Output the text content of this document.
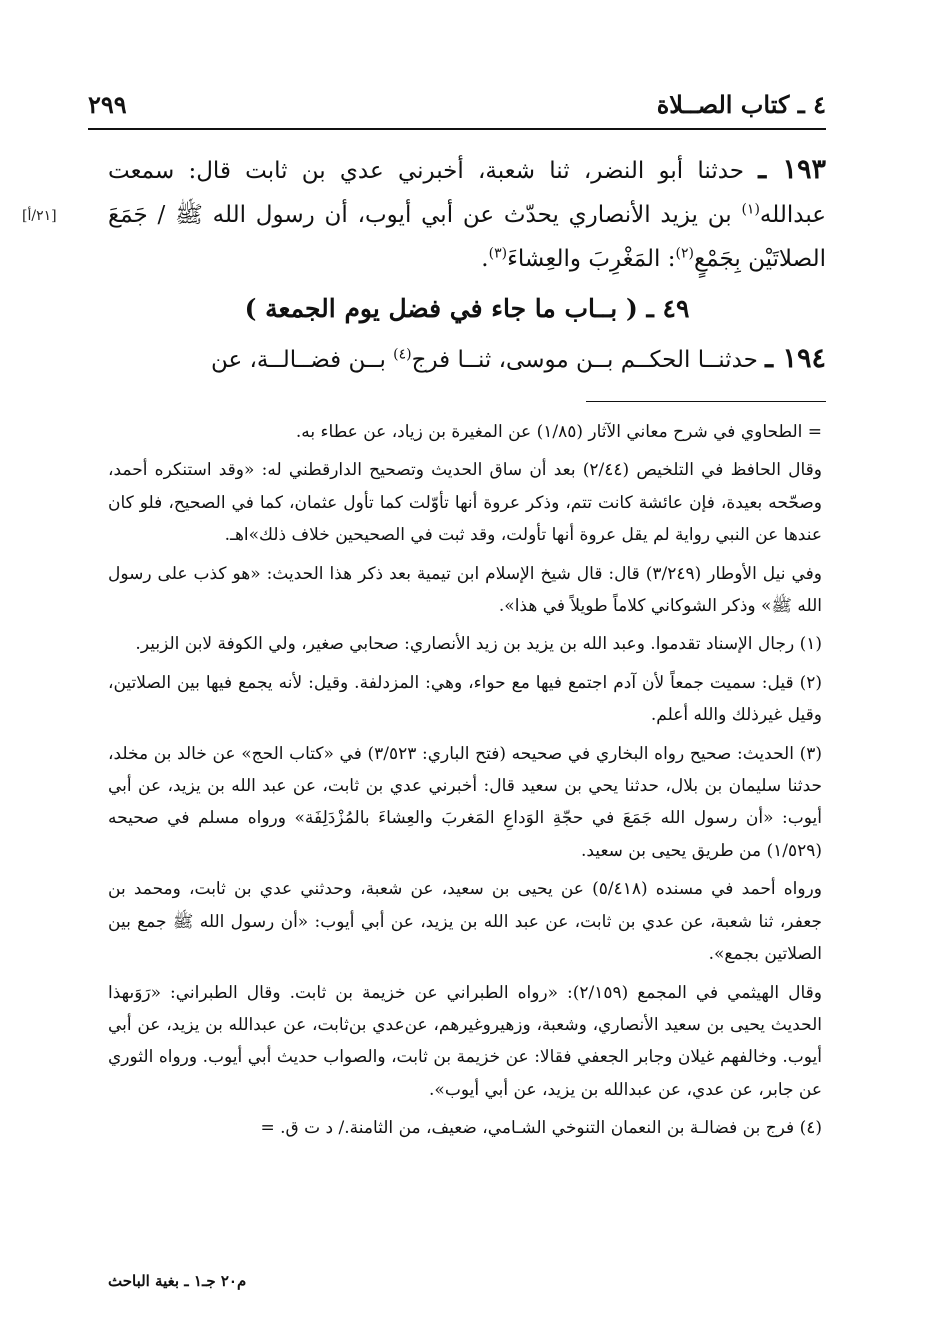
٤ ـ كتاب الصــلاة
٢٩٩
[٢١/أ]

١٩٣ ـ حدثنا أبو النضر، ثنا شعبة، أخبرني عدي بن ثابت قال: سمعت عبدالله$^{(١)}$ بن يزيد الأنصاري يحدّث عن أبي أيوب، أن رسول الله ﷺ / جَمَعَ الصلاتَيْن بِجَمْعٍ$^{(٢)}$: المَغْرِبَ والعِشاءَ$^{(٣)}$.

٤٩ ـ ( بــاب ما جاء في فضل يوم الجمعة )

١٩٤ ـ حدثنــا الحكــم بــن موسى، ثنــا فرج$^{(٤)}$ بــن فضــالــة، عن

= الطحاوي في شرح معاني الآثار (١/٨٥) عن المغيرة بن زياد، عن عطاء به.

وقال الحافظ في التلخيص (٢/٤٤) بعد أن ساق الحديث وتصحيح الدارقطني له: «وقد استنكره أحمد، وصحّحه بعيدة، فإن عائشة كانت تتم، وذكر عروة أنها تأوّلت كما تأول عثمان، كما في الصحيح، فلو كان عندها عن النبي رواية لم يقل عروة أنها تأولت، وقد ثبت في الصحيحين خلاف ذلك»اهـ.

وفي نيل الأوطار (٣/٢٤٩) قال: قال شيخ الإسلام ابن تيمية بعد ذكر هذا الحديث: «هو كذب على رسول الله ﷺ» وذكر الشوكاني كلاماً طويلاً في هذا».

(١) رجال الإسناد تقدموا. وعبد الله بن يزيد بن زيد الأنصاري: صحابي صغير، ولي الكوفة لابن الزبير.

(٢) قيل: سميت جمعاً لأن آدم اجتمع فيها مع حواء، وهي: المزدلفة. وقيل: لأنه يجمع فيها بين الصلاتين، وقيل غيرذلك والله أعلم.

(٣) الحديث: صحيح رواه البخاري في صحيحه (فتح الباري: ٣/٥٢٣) في «كتاب الحج» عن خالد بن مخلد، حدثنا سليمان بن بلال، حدثنا يحي بن سعيد قال: أخبرني عدي بن ثابت، عن عبد الله بن يزيد، عن أبي أيوب: «أن رسول الله جَمَعَ في حجّةِ الوَداعِ المَغربَ والعِشاءَ بالمُزْدَلِفَة» ورواه مسلم في صحيحه (١/٥٢٩) من طريق يحيى بن سعيد.

ورواه أحمد في مسنده (٥/٤١٨) عن يحيى بن سعيد، عن شعبة، وحدثني عدي بن ثابت، ومحمد بن جعفر، ثنا شعبة، عن عدي بن ثابت، عن عبد الله بن يزيد، عن أبي أيوب: «أن رسول الله ﷺ جمع بين الصلاتين بجمع».

وقال الهيثمي في المجمع (٢/١٥٩): «رواه الطبراني عن خزيمة بن ثابت. وقال الطبراني: «رَوَىهذا الحديث يحيى بن سعيد الأنصاري، وشعبة، وزهيروغيرهم، عن‌عدي بن‌ثابت، عن عبدالله بن يزيد، عن أبي أيوب. وخالفهم غيلان وجابر الجعفي فقالا: عن خزيمة بن ثابت، والصواب حديث أبي أيوب. ورواه الثوري عن جابر، عن عدي، عن عبدالله بن يزيد، عن أبي أيوب».

(٤) فرج بن فضالـة بن النعمان التنوخي الشـامي، ضعيف، من الثامنة./ د ت ق. =

م٢٠ جـ١ ـ بغية الباحث
